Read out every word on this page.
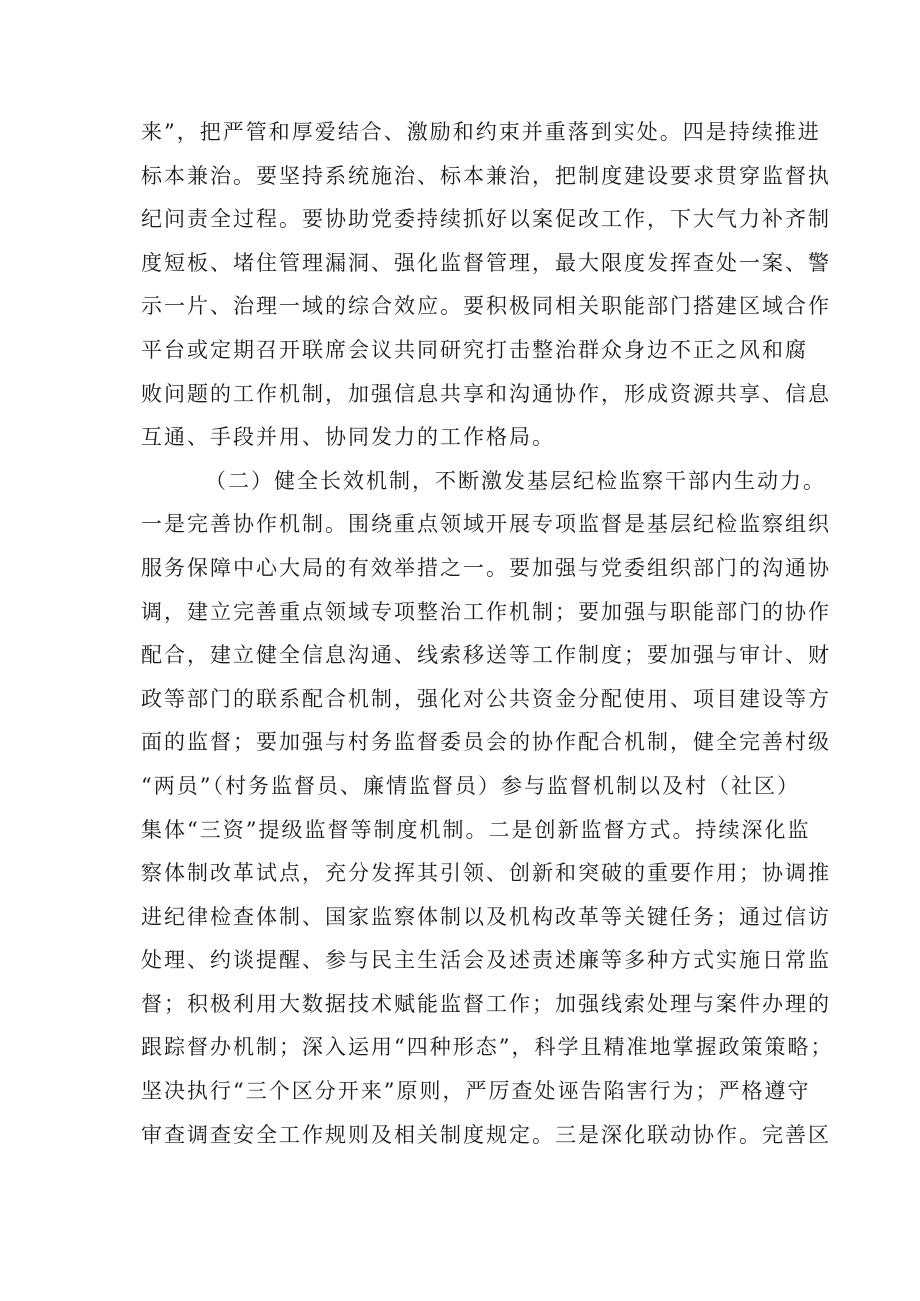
来”，把严管和厚爱结合、激励和约束并重落到实处。四是持续推进
标本兼治。要坚持系统施治、标本兼治，把制度建设要求贯穿监督执
纪问责全过程。要协助党委持续抓好以案促改工作，下大气力补齐制
度短板、堵住管理漏洞、强化监督管理，最大限度发挥查处一案、警
示一片、治理一域的综合效应。要积极同相关职能部门搭建区域合作
平台或定期召开联席会议共同研究打击整治群众身边不正之风和腐
败问题的工作机制，加强信息共享和沟通协作，形成资源共享、信息
互通、手段并用、协同发力的工作格局。
（二）健全长效机制，不断激发基层纪检监察干部内生动力。
一是完善协作机制。围绕重点领域开展专项监督是基层纪检监察组织
服务保障中心大局的有效举措之一。要加强与党委组织部门的沟通协
调，建立完善重点领域专项整治工作机制；要加强与职能部门的协作
配合，建立健全信息沟通、线索移送等工作制度；要加强与审计、财
政等部门的联系配合机制，强化对公共资金分配使用、项目建设等方
面的监督；要加强与村务监督委员会的协作配合机制，健全完善村级
“两员”（村务监督员、廉情监督员）参与监督机制以及村（社区）
集体“三资”提级监督等制度机制。二是创新监督方式。持续深化监
察体制改革试点，充分发挥其引领、创新和突破的重要作用；协调推
进纪律检查体制、国家监察体制以及机构改革等关键任务；通过信访
处理、约谈提醒、参与民主生活会及述责述廉等多种方式实施日常监
督；积极利用大数据技术赋能监督工作；加强线索处理与案件办理的
跟踪督办机制；深入运用“四种形态”，科学且精准地掌握政策策略；
坚决执行“三个区分开来”原则，严厉查处诬告陷害行为；严格遵守
审查调查安全工作规则及相关制度规定。三是深化联动协作。完善区
